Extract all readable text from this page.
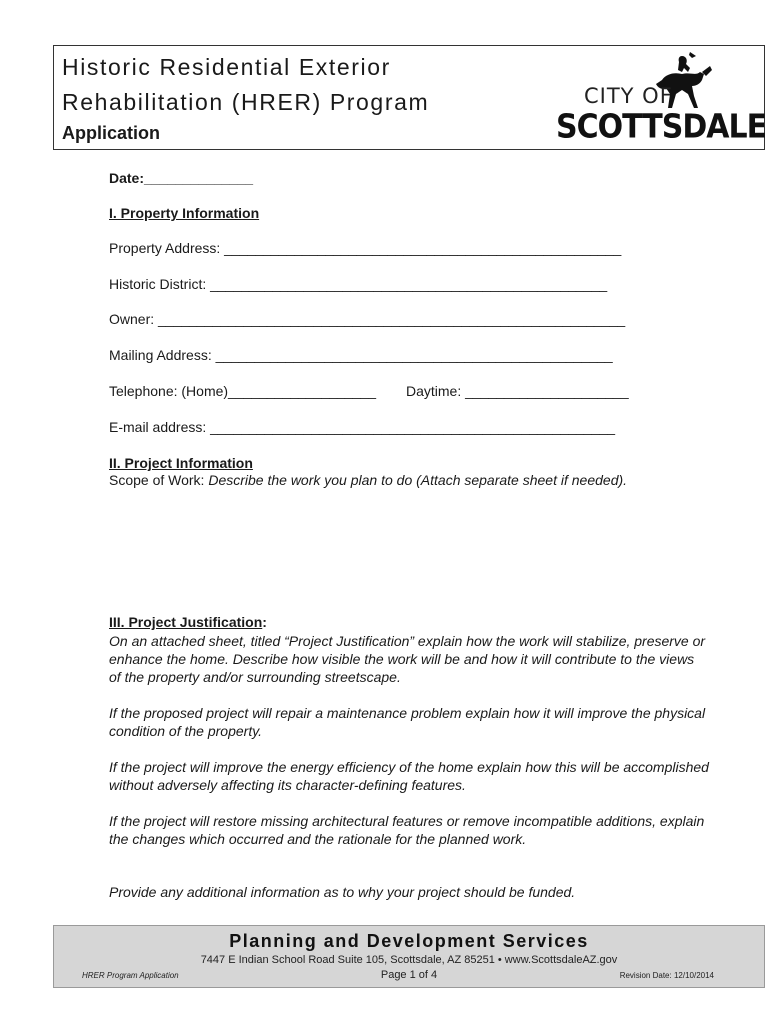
Historic Residential Exterior
Rehabilitation (HRER) Program
Application
CITY OF
SCOTTSDALE
Date:______________
I. Property Information
Property Address: ___________________________________________________
Historic District: ___________________________________________________
Owner: ____________________________________________________________
Mailing Address: ___________________________________________________
Telephone: (Home)___________________ Daytime: _____________________
E-mail address: ____________________________________________________
II. Project Information
Scope of Work: Describe the work you plan to do (Attach separate sheet if needed).
III. Project Justification:
On an attached sheet, titled “Project Justification” explain how the work will stabilize, preserve or enhance the home. Describe how visible the work will be and how it will contribute to the views of the property and/or surrounding streetscape.
If the proposed project will repair a maintenance problem explain how it will improve the physical condition of the property.
If the project will improve the energy efficiency of the home explain how this will be accomplished without adversely affecting its character-defining features.
If the project will restore missing architectural features or remove incompatible additions, explain the changes which occurred and the rationale for the planned work.
Provide any additional information as to why your project should be funded.
Planning and Development Services
7447 E Indian School Road Suite 105, Scottsdale, AZ 85251 • www.ScottsdaleAZ.gov
HRER Program Application	Page 1 of 4	Revision Date: 12/10/2014
